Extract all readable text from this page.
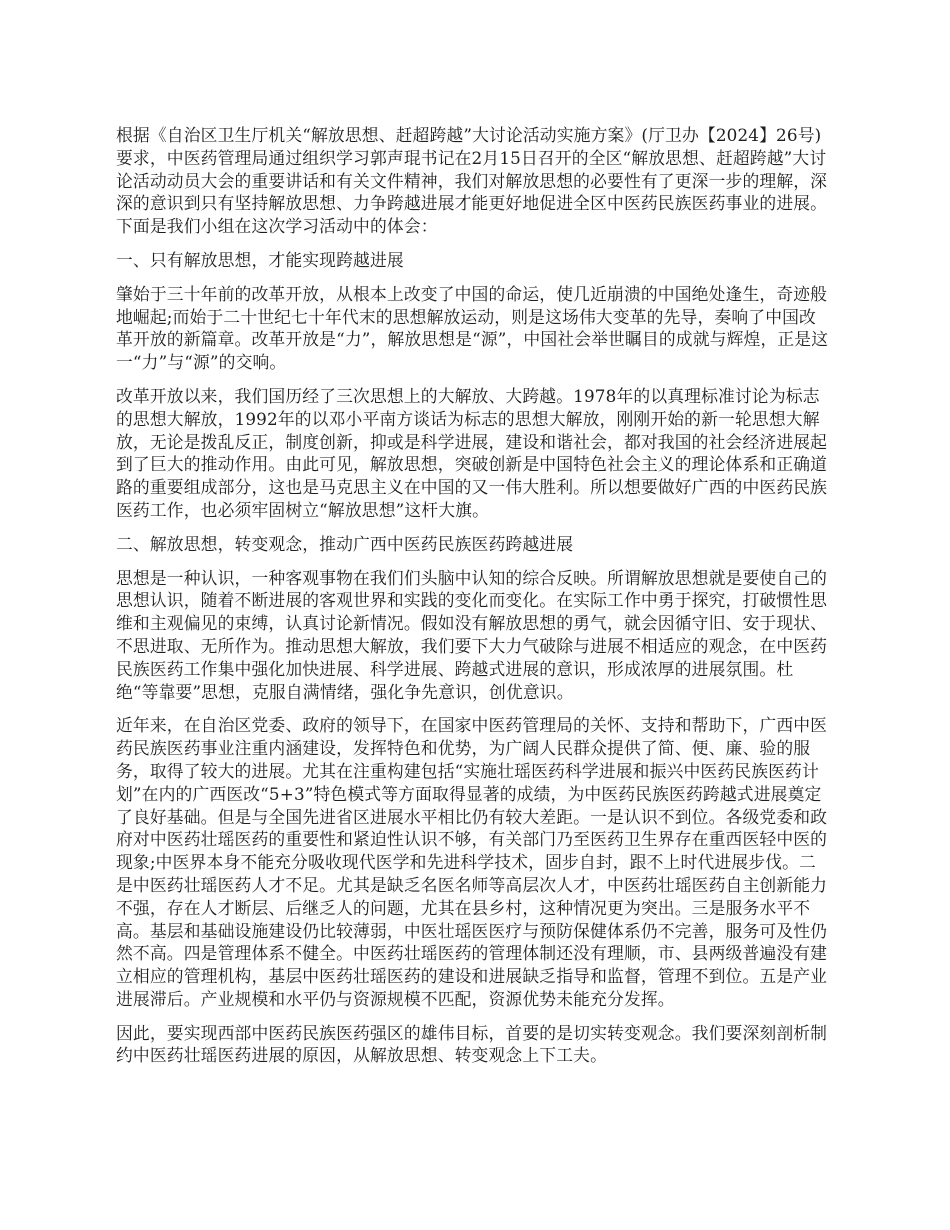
根据《自治区卫生厅机关“解放思想、赶超跨越”大讨论活动实施方案》(厅卫办【2024】26号)要求，中医药管理局通过组织学习郭声琨书记在2月15日召开的全区“解放思想、赶超跨越”大讨论活动动员大会的重要讲话和有关文件精神，我们对解放思想的必要性有了更深一步的理解，深深的意识到只有坚持解放思想、力争跨越进展才能更好地促进全区中医药民族医药事业的进展。下面是我们小组在这次学习活动中的体会：

一、只有解放思想，才能实现跨越进展

肇始于三十年前的改革开放，从根本上改变了中国的命运，使几近崩溃的中国绝处逢生，奇迹般地崛起;而始于二十世纪七十年代末的思想解放运动，则是这场伟大变革的先导，奏响了中国改革开放的新篇章。改革开放是“力”，解放思想是“源”，中国社会举世瞩目的成就与辉煌，正是这一“力”与“源”的交响。

改革开放以来，我们国历经了三次思想上的大解放、大跨越。1978年的以真理标准讨论为标志的思想大解放，1992年的以邓小平南方谈话为标志的思想大解放，刚刚开始的新一轮思想大解放，无论是拨乱反正，制度创新，抑或是科学进展，建设和谐社会，都对我国的社会经济进展起到了巨大的推动作用。由此可见，解放思想，突破创新是中国特色社会主义的理论体系和正确道路的重要组成部分，这也是马克思主义在中国的又一伟大胜利。所以想要做好广西的中医药民族医药工作，也必须牢固树立“解放思想”这杆大旗。

二、解放思想，转变观念，推动广西中医药民族医药跨越进展

思想是一种认识，一种客观事物在我们们头脑中认知的综合反映。所谓解放思想就是要使自己的思想认识，随着不断进展的客观世界和实践的变化而变化。在实际工作中勇于探究，打破惯性思维和主观偏见的束缚，认真讨论新情况。假如没有解放思想的勇气，就会因循守旧、安于现状、不思进取、无所作为。推动思想大解放，我们要下大力气破除与进展不相适应的观念，在中医药民族医药工作集中强化加快进展、科学进展、跨越式进展的意识，形成浓厚的进展氛围。杜绝“等靠要”思想，克服自满情绪，强化争先意识，创优意识。

近年来，在自治区党委、政府的领导下，在国家中医药管理局的关怀、支持和帮助下，广西中医药民族医药事业注重内涵建设，发挥特色和优势，为广阔人民群众提供了简、便、廉、验的服务，取得了较大的进展。尤其在注重构建包括“实施壮瑶医药科学进展和振兴中医药民族医药计划”在内的广西医改“5+3”特色模式等方面取得显著的成绩，为中医药民族医药跨越式进展奠定了良好基础。但是与全国先进省区进展水平相比仍有较大差距。一是认识不到位。各级党委和政府对中医药壮瑶医药的重要性和紧迫性认识不够，有关部门乃至医药卫生界存在重西医轻中医的现象;中医界本身不能充分吸收现代医学和先进科学技术，固步自封，跟不上时代进展步伐。二是中医药壮瑶医药人才不足。尤其是缺乏名医名师等高层次人才，中医药壮瑶医药自主创新能力不强，存在人才断层、后继乏人的问题，尤其在县乡村，这种情况更为突出。三是服务水平不高。基层和基础设施建设仍比较薄弱，中医壮瑶医医疗与预防保健体系仍不完善，服务可及性仍然不高。四是管理体系不健全。中医药壮瑶医药的管理体制还没有理顺，市、县两级普遍没有建立相应的管理机构，基层中医药壮瑶医药的建设和进展缺乏指导和监督，管理不到位。五是产业进展滞后。产业规模和水平仍与资源规模不匹配，资源优势未能充分发挥。

因此，要实现西部中医药民族医药强区的雄伟目标，首要的是切实转变观念。我们要深刻剖析制约中医药壮瑶医药进展的原因，从解放思想、转变观念上下工夫。
